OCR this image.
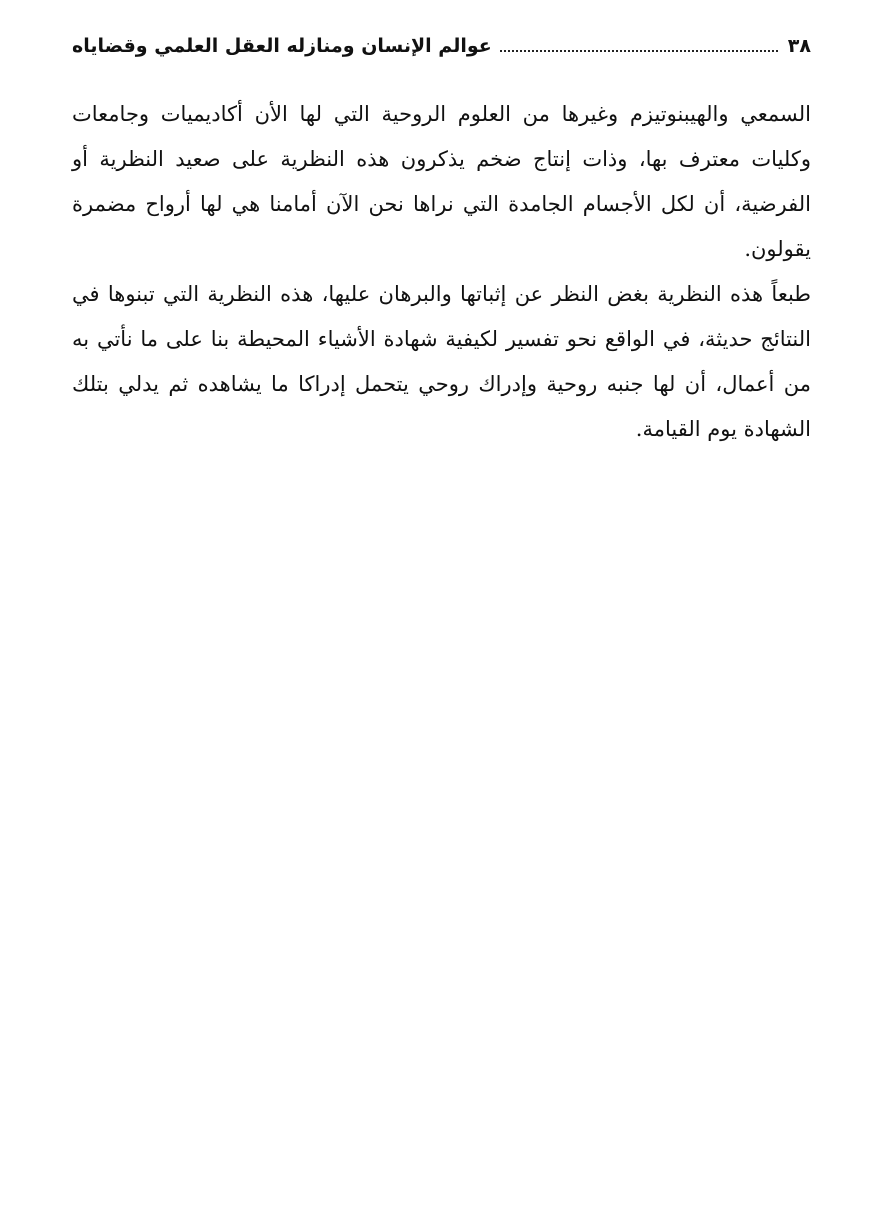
٣٨
عوالم الإنسان ومنازله العقل العلمي وقضاياه

السمعي والهيبنوتيزم وغيرها من العلوم الروحية التي لها الأن أكاديميات وجامعات وكليات معترف بها، وذات إنتاج ضخم يذكرون هذه النظرية على صعيد النظرية أو الفرضية، أن لكل الأجسام الجامدة التي نراها نحن الآن أمامنا هي لها أرواح مضمرة يقولون.

طبعاً هذه النظرية بغض النظر عن إثباتها والبرهان عليها، هذه النظرية التي تبنوها في النتائج حديثة، في الواقع نحو تفسير لكيفية شهادة الأشياء المحيطة بنا على ما نأتي به من أعمال، أن لها جنبه روحية وإدراك روحي يتحمل إدراكا ما يشاهده ثم يدلي بتلك الشهادة يوم القيامة.
